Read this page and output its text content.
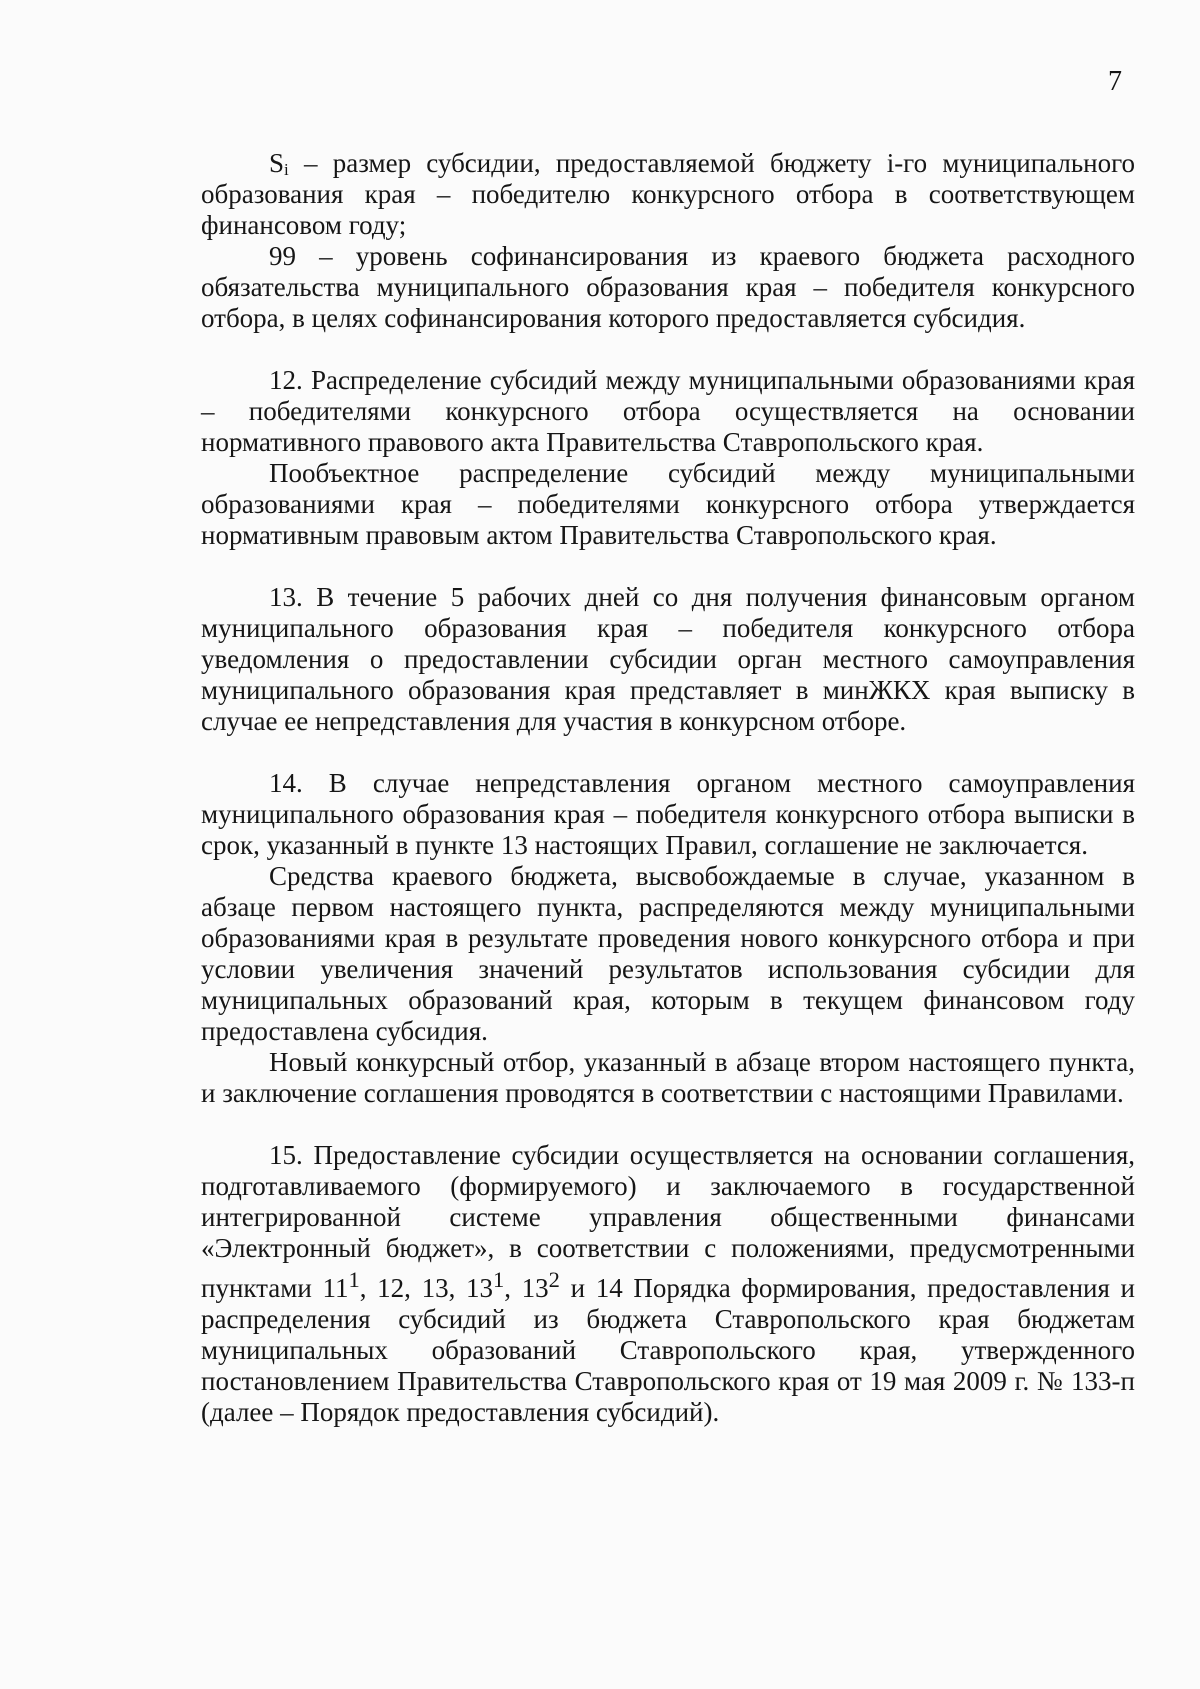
7

Si – размер субсидии, предоставляемой бюджету i-го муниципального образования края – победителю конкурсного отбора в соответствующем финансовом году;

99 – уровень софинансирования из краевого бюджета расходного обязательства муниципального образования края – победителя конкурсного отбора, в целях софинансирования которого предоставляется субсидия.

12. Распределение субсидий между муниципальными образованиями края – победителями конкурсного отбора осуществляется на основании нормативного правового акта Правительства Ставропольского края.

Пообъектное распределение субсидий между муниципальными образованиями края – победителями конкурсного отбора утверждается нормативным правовым актом Правительства Ставропольского края.

13. В течение 5 рабочих дней со дня получения финансовым органом муниципального образования края – победителя конкурсного отбора уведомления о предоставлении субсидии орган местного самоуправления муниципального образования края представляет в минЖКХ края выписку в случае ее непредставления для участия в конкурсном отборе.

14. В случае непредставления органом местного самоуправления муниципального образования края – победителя конкурсного отбора выписки в срок, указанный в пункте 13 настоящих Правил, соглашение не заключается.

Средства краевого бюджета, высвобождаемые в случае, указанном в абзаце первом настоящего пункта, распределяются между муниципальными образованиями края в результате проведения нового конкурсного отбора и при условии увеличения значений результатов использования субсидии для муниципальных образований края, которым в текущем финансовом году предоставлена субсидия.

Новый конкурсный отбор, указанный в абзаце втором настоящего пункта, и заключение соглашения проводятся в соответствии с настоящими Правилами.

15. Предоставление субсидии осуществляется на основании соглашения, подготавливаемого (формируемого) и заключаемого в государственной интегрированной системе управления общественными финансами «Электронный бюджет», в соответствии с положениями, предусмотренными пунктами $11^1$, 12, 13, $13^1$, $13^2$ и 14 Порядка формирования, предоставления и распределения субсидий из бюджета Ставропольского края бюджетам муниципальных образований Ставропольского края, утвержденного постановлением Правительства Ставропольского края от 19 мая 2009 г. № 133-п (далее – Порядок предоставления субсидий).
